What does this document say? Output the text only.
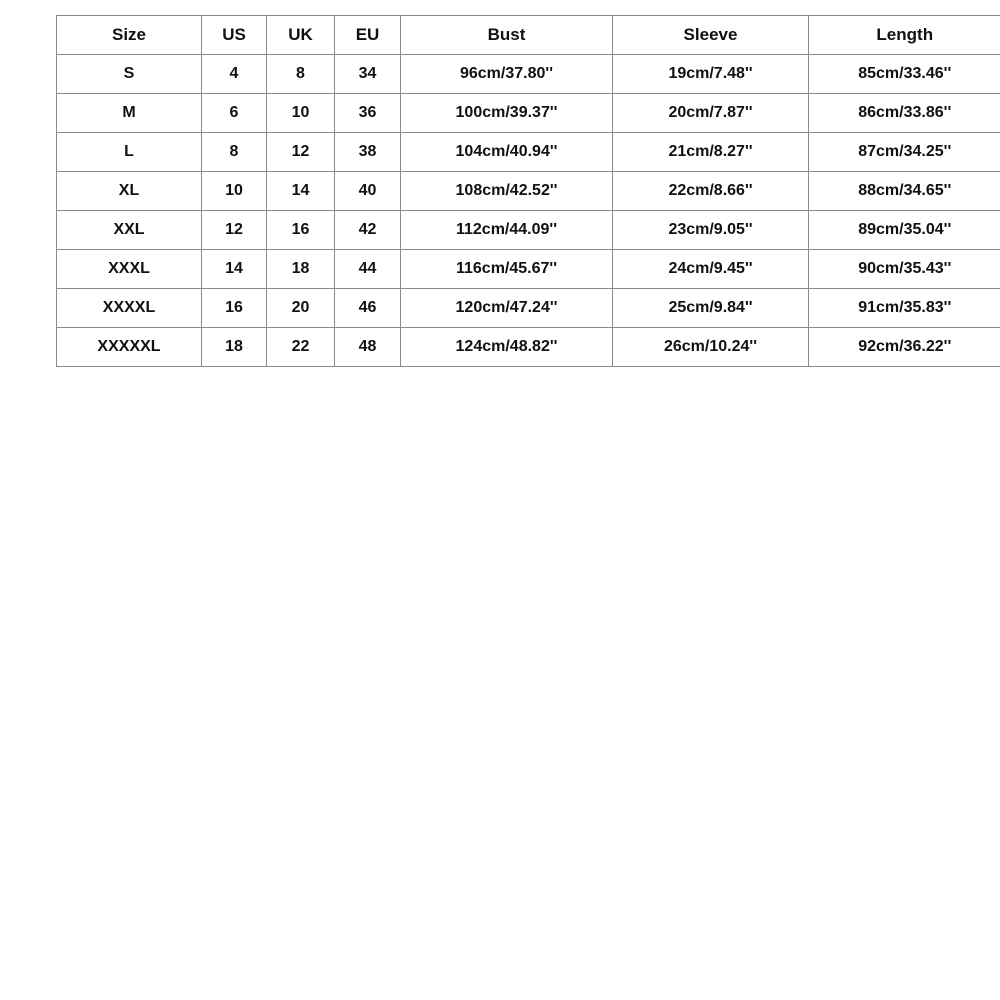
Size	US	UK	EU	Bust	Sleeve	Length
S	4	8	34	96cm/37.80''	19cm/7.48''	85cm/33.46''
M	6	10	36	100cm/39.37''	20cm/7.87''	86cm/33.86''
L	8	12	38	104cm/40.94''	21cm/8.27''	87cm/34.25''
XL	10	14	40	108cm/42.52''	22cm/8.66''	88cm/34.65''
XXL	12	16	42	112cm/44.09''	23cm/9.05''	89cm/35.04''
XXXL	14	18	44	116cm/45.67''	24cm/9.45''	90cm/35.43''
XXXXL	16	20	46	120cm/47.24''	25cm/9.84''	91cm/35.83''
XXXXXL	18	22	48	124cm/48.82''	26cm/10.24''	92cm/36.22''
